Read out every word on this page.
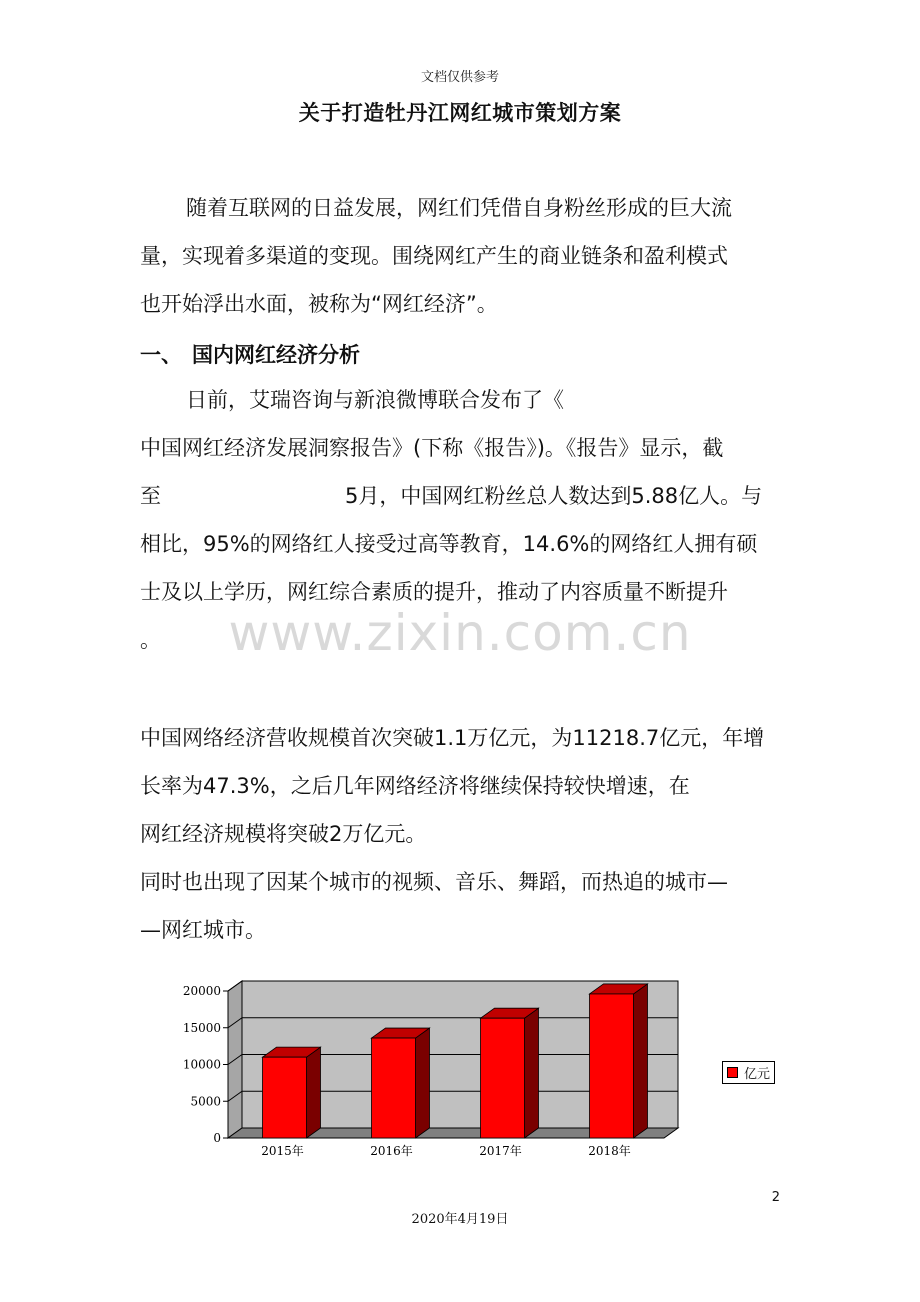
文档仅供参考
关于打造牡丹江网红城市策划方案
随着互联网的日益发展，网红们凭借自身粉丝形成的巨大流
量，实现着多渠道的变现。围绕网红产生的商业链条和盈利模式
也开始浮出水面，被称为“网红经济”。
一、 国内网红经济分析
日前，艾瑞咨询与新浪微博联合发布了《
中国网红经济发展洞察报告》(下称《报告》)。《报告》显示，截
至	5月，中国网红粉丝总人数达到5.88亿人。与
相比，95%的网络红人接受过高等教育，14.6%的网络红人拥有硕
士及以上学历，网红综合素质的提升，推动了内容质量不断提升
。	www.zixin.com.cn
中国网络经济营收规模首次突破1.1万亿元，为11218.7亿元，年增
长率为47.3%，之后几年网络经济将继续保持较快增速，在
网红经济规模将突破2万亿元。
同时也出现了因某个城市的视频、音乐、舞蹈，而热追的城市—
—网红城市。
0
5000
10000
15000
20000
2015年	2016年	2017年	2018年
亿元
2
2020年4月19日
